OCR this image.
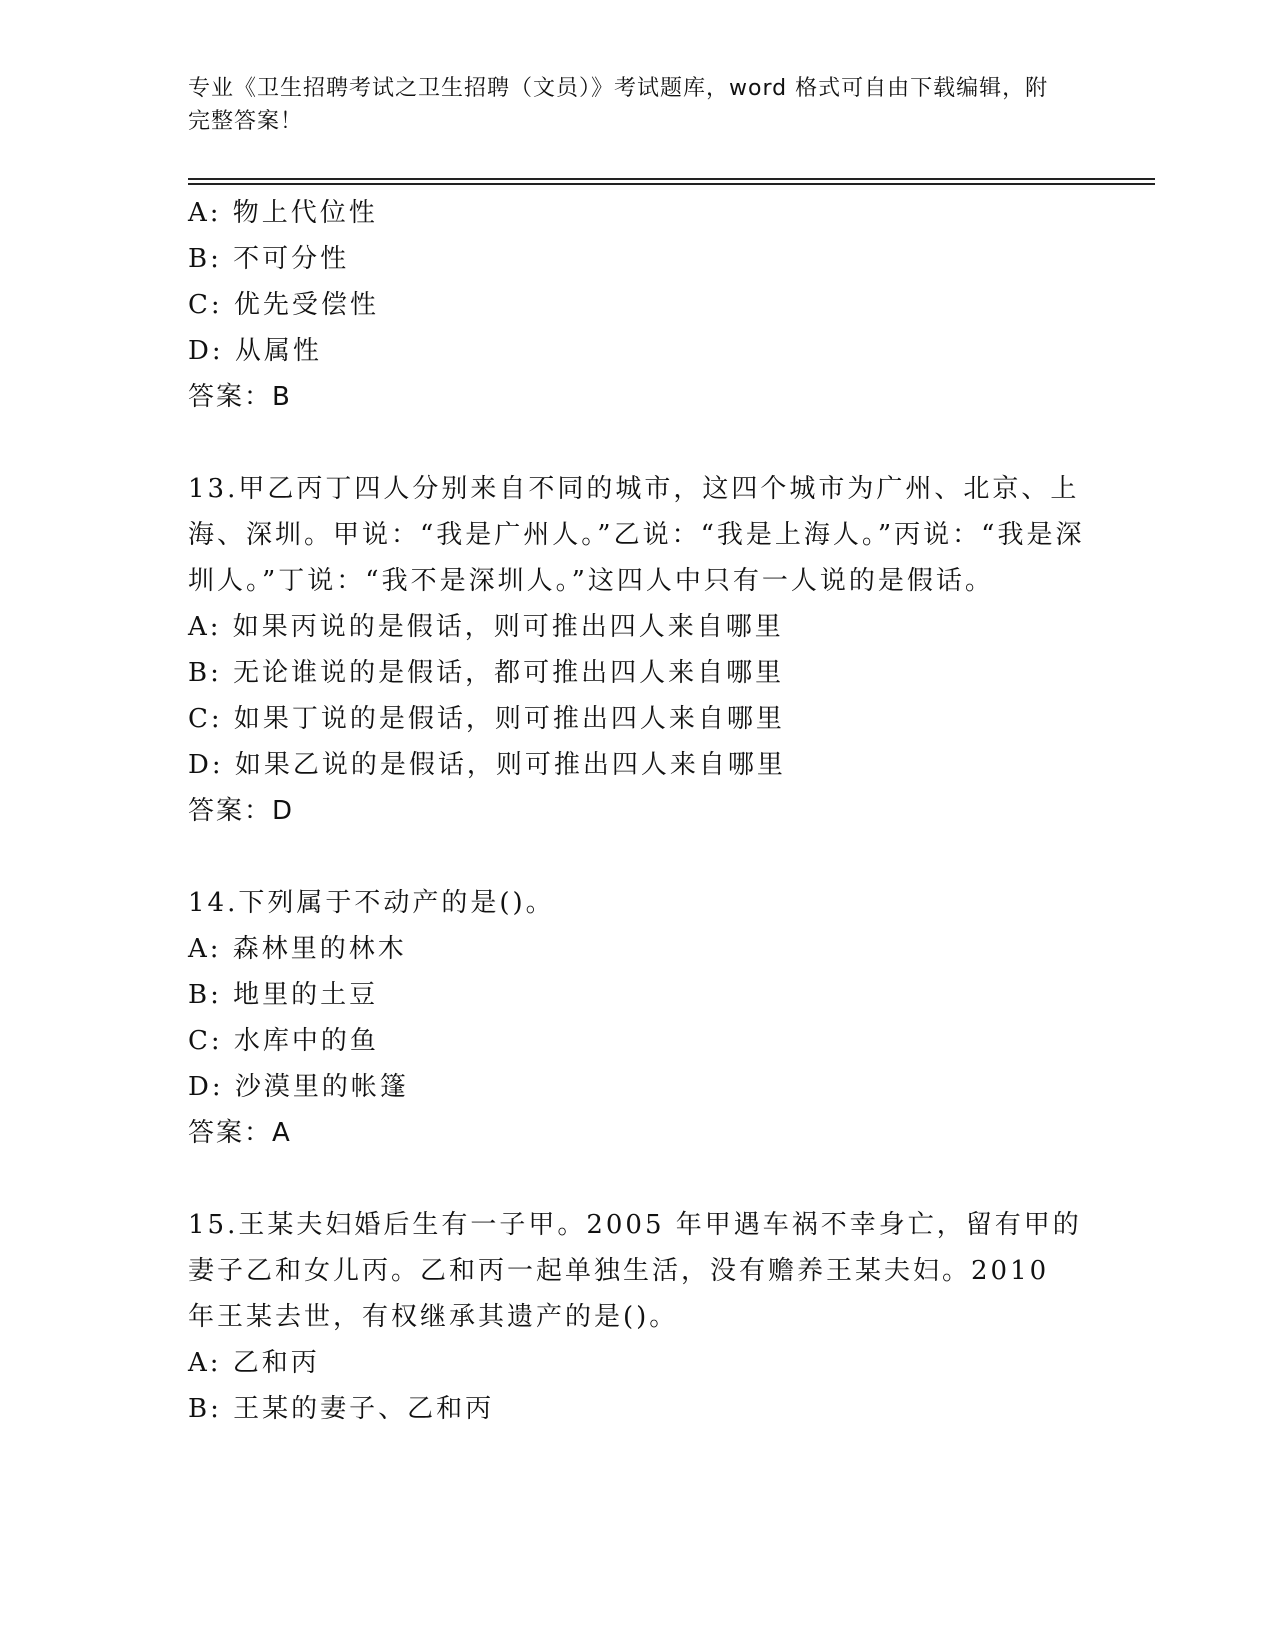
专业《卫生招聘考试之卫生招聘（文员）》考试题库，word 格式可自由下载编辑，附完整答案！
A: 物上代位性
B: 不可分性
C: 优先受偿性
D: 从属性
答案：B
13.甲乙丙丁四人分别来自不同的城市，这四个城市为广州、北京、上海、深圳。甲说：“我是广州人。”乙说：“我是上海人。”丙说：“我是深圳人。”丁说：“我不是深圳人。”这四人中只有一人说的是假话。
A: 如果丙说的是假话，则可推出四人来自哪里
B: 无论谁说的是假话，都可推出四人来自哪里
C: 如果丁说的是假话，则可推出四人来自哪里
D: 如果乙说的是假话，则可推出四人来自哪里
答案：D
14.下列属于不动产的是()。
A: 森林里的林木
B: 地里的土豆
C: 水库中的鱼
D: 沙漠里的帐篷
答案：A
15.王某夫妇婚后生有一子甲。2005 年甲遇车祸不幸身亡，留有甲的妻子乙和女儿丙。乙和丙一起单独生活，没有赡养王某夫妇。2010 年王某去世，有权继承其遗产的是()。
A: 乙和丙
B: 王某的妻子、乙和丙
